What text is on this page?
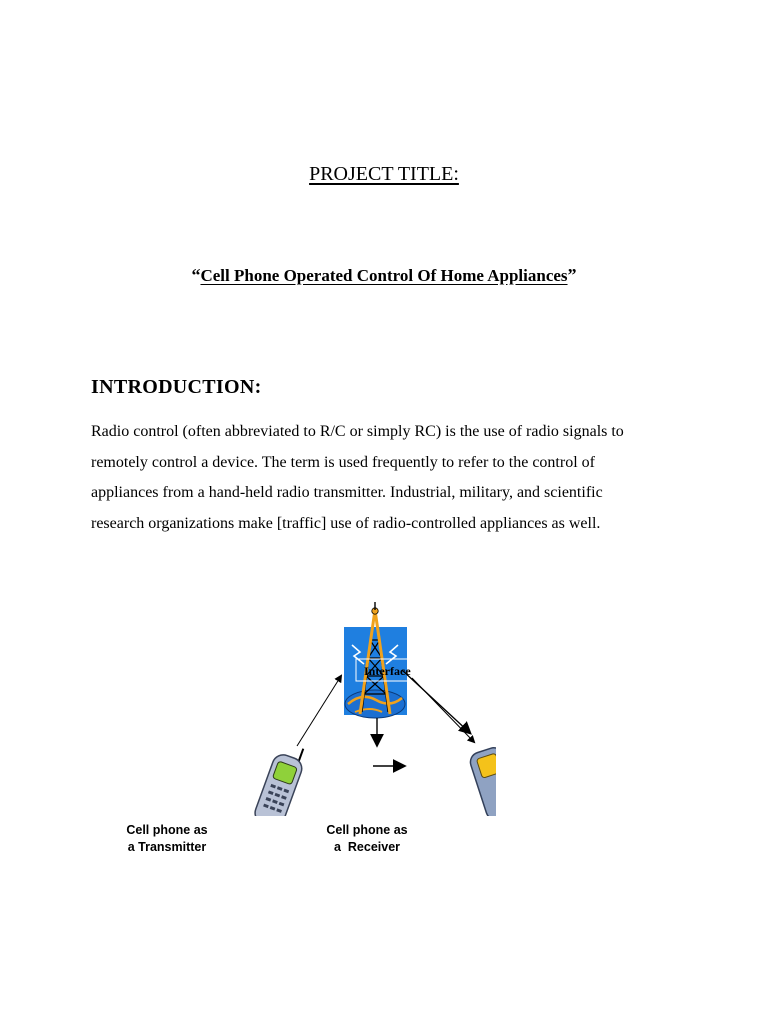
PROJECT TITLE:
“Cell Phone Operated Control Of Home Appliances”
INTRODUCTION:

Radio control (often abbreviated to R/C or simply RC) is the use of radio signals to

remotely control a device. The term is used frequently to refer to the control of

appliances from a hand-held radio transmitter. Industrial, military, and scientific

research organizations make [traffic] use of radio-controlled appliances as well.

Interface
Cell phone as
a Transmitter
Cell phone as
a  Receiver
